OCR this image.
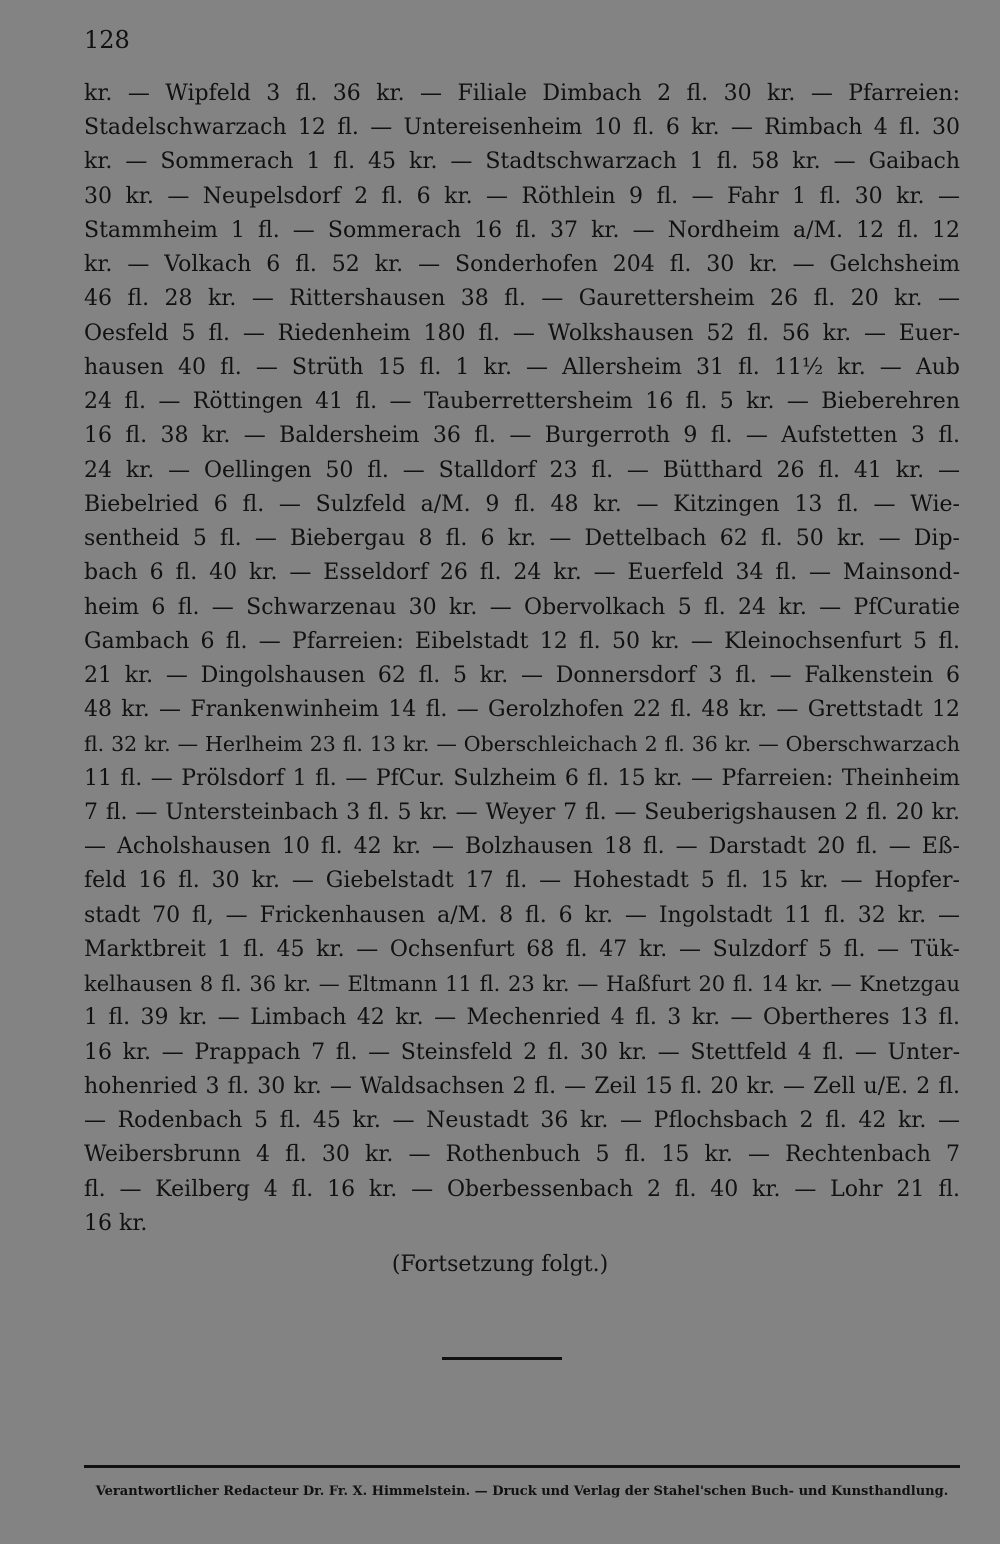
128
kr. — Wipfeld 3 fl. 36 kr. — Filiale Dimbach 2 fl. 30 kr. — Pfarreien:
Stadelschwarzach 12 fl. — Untereisenheim 10 fl. 6 kr. — Rimbach 4 fl. 30
kr. — Sommerach 1 fl. 45 kr. — Stadtschwarzach 1 fl. 58 kr. — Gaibach
30 kr. — Neupelsdorf 2 fl. 6 kr. — Röthlein 9 fl. — Fahr 1 fl. 30 kr. —
Stammheim 1 fl. — Sommerach 16 fl. 37 kr. — Nordheim a/M. 12 fl. 12
kr. — Volkach 6 fl. 52 kr. — Sonderhofen 204 fl. 30 kr. — Gelchsheim
46 fl. 28 kr. — Rittershausen 38 fl. — Gaurettersheim 26 fl. 20 kr. —
Oesfeld 5 fl. — Riedenheim 180 fl. — Wolkshausen 52 fl. 56 kr. — Euer-
hausen 40 fl. — Strüth 15 fl. 1 kr. — Allersheim 31 fl. 11½ kr. — Aub
24 fl. — Röttingen 41 fl. — Tauberrettersheim 16 fl. 5 kr. — Bieberehren
16 fl. 38 kr. — Baldersheim 36 fl. — Burgerroth 9 fl. — Aufstetten 3 fl.
24 kr. — Oellingen 50 fl. — Stalldorf 23 fl. — Bütthard 26 fl. 41 kr. —
Biebelried 6 fl. — Sulzfeld a/M. 9 fl. 48 kr. — Kitzingen 13 fl. — Wie-
sentheid 5 fl. — Biebergau 8 fl. 6 kr. — Dettelbach 62 fl. 50 kr. — Dip-
bach 6 fl. 40 kr. — Esseldorf 26 fl. 24 kr. — Euerfeld 34 fl. — Mainsond-
heim 6 fl. — Schwarzenau 30 kr. — Obervolkach 5 fl. 24 kr. — PfCuratie
Gambach 6 fl. — Pfarreien: Eibelstadt 12 fl. 50 kr. — Kleinochsenfurt 5 fl.
21 kr. — Dingolshausen 62 fl. 5 kr. — Donnersdorf 3 fl. — Falkenstein 6
48 kr. — Frankenwinheim 14 fl. — Gerolzhofen 22 fl. 48 kr. — Grettstadt 12
fl. 32 kr. — Herlheim 23 fl. 13 kr. — Oberschleichach 2 fl. 36 kr. — Oberschwarzach
11 fl. — Prölsdorf 1 fl. — PfCur. Sulzheim 6 fl. 15 kr. — Pfarreien: Theinheim
7 fl. — Untersteinbach 3 fl. 5 kr. — Weyer 7 fl. — Seuberigshausen 2 fl. 20 kr.
— Acholshausen 10 fl. 42 kr. — Bolzhausen 18 fl. — Darstadt 20 fl. — Eß-
feld 16 fl. 30 kr. — Giebelstadt 17 fl. — Hohestadt 5 fl. 15 kr. — Hopfer-
stadt 70 fl, — Frickenhausen a/M. 8 fl. 6 kr. — Ingolstadt 11 fl. 32 kr. —
Marktbreit 1 fl. 45 kr. — Ochsenfurt 68 fl. 47 kr. — Sulzdorf 5 fl. — Tük-
kelhausen 8 fl. 36 kr. — Eltmann 11 fl. 23 kr. — Haßfurt 20 fl. 14 kr. — Knetzgau
1 fl. 39 kr. — Limbach 42 kr. — Mechenried 4 fl. 3 kr. — Obertheres 13 fl.
16 kr. — Prappach 7 fl. — Steinsfeld 2 fl. 30 kr. — Stettfeld 4 fl. — Unter-
hohenried 3 fl. 30 kr. — Waldsachsen 2 fl. — Zeil 15 fl. 20 kr. — Zell u/E. 2 fl.
— Rodenbach 5 fl. 45 kr. — Neustadt 36 kr. — Pflochsbach 2 fl. 42 kr. —
Weibersbrunn 4 fl. 30 kr. — Rothenbuch 5 fl. 15 kr. — Rechtenbach 7
fl. — Keilberg 4 fl. 16 kr. — Oberbessenbach 2 fl. 40 kr. — Lohr 21 fl.
16 kr.
(Fortsetzung folgt.)
Verantwortlicher Redacteur Dr. Fr. X. Himmelstein. — Druck und Verlag der Stahel'schen Buch- und Kunsthandlung.
